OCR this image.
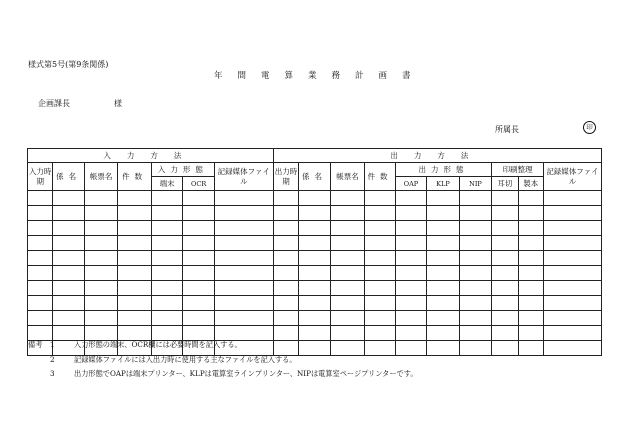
様式第5号(第9条関係)
年間電算業務計画書
企画課長	様
所属長	印
入力方法							出力方法									
入力時期	係名	帳票名	件数	入力形態		記録媒体ファイル	出力時期	係名	帳票名	件数	出力形態			印刷整理		記録媒体ファイル
				端末	OCR						OAP	KLP	NIP	耳切	製本	

備考	1	入力形態の端末、OCR欄には必要時間を記入する。
2	記録媒体ファイルには入出力時に使用する主なファイルを記入する。
3	出力形態でOAPは端末プリンター、KLPは電算室ラインプリンター、NIPは電算室ページプリンターです。
